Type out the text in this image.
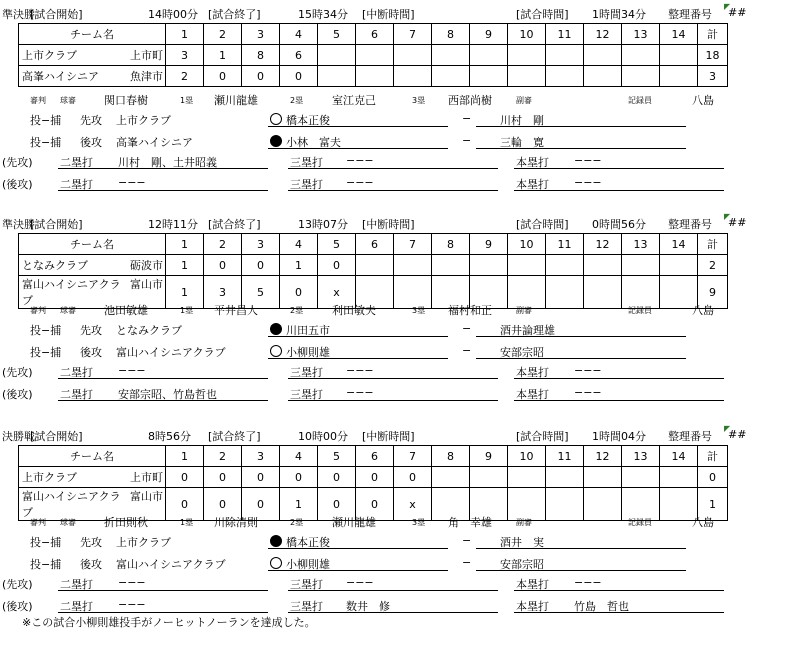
準決勝
[試合開始]	14時00分 [試合終了]	15時34分 [中断時間]	[試合時間] 1時間34分 整理番号
◤
##
チーム名	1	2	3	4	5	6	7	8	9	10	11	12	13	14	計

上市町
上市クラブ	3	1	8	6											18

魚津市
高峯ハイシニア	2	0	0	0											3
審判 球審	関口春樹	1塁 瀬川龍雄	2塁	室江克己	3塁 西部尚樹	副審	記録員	八島
投−捕 先攻 上市クラブ	橋本正俊	−	川村　剛
投−捕 後攻 高峯ハイシニア	小林　富夫	−	三輪　寛
(先攻) 二塁打 川村　剛、土井昭義	三塁打 −−−	本塁打 −−−
(後攻) 二塁打 −−−	三塁打 −−−	本塁打 −−−
準決勝
[試合開始]	12時11分 [試合終了]	13時07分 [中断時間]	[試合時間] 0時間56分 整理番号
◤
##
チーム名	1	2	3	4	5	6	7	8	9	10	11	12	13	14	計

砺波市
となみクラブ	1	0	0	1	0										2

富山市
富山ハイシニアクラブ	1	3	5	0	x										9
審判 球審	池田敏雄	1塁 平井昌人	2塁	利田敏夫	3塁 福村和正	副審	記録員	八島
投−捕 先攻 となみクラブ	川田五市	−	酒井論理雄
投−捕 後攻 富山ハイシニアクラブ	小柳則雄	−	安部宗昭
(先攻) 二塁打 −−−	三塁打 −−−	本塁打 −−−
(後攻) 二塁打 安部宗昭、竹島哲也	三塁打 −−−	本塁打 −−−
決勝戦
[試合開始]	8時56分 [試合終了]	10時00分 [中断時間]	[試合時間] 1時間04分 整理番号
◤
##
チーム名	1	2	3	4	5	6	7	8	9	10	11	12	13	14	計

上市町
上市クラブ	0	0	0	0	0	0	0								0

富山市
富山ハイシニアクラブ	0	0	0	1	0	0	x								1
審判 球審	折田則秋	1塁 川除清則	2塁	瀬川龍雄	3塁 角　幸雄	副審	記録員	八島
投−捕 先攻 上市クラブ	橋本正俊	−	酒井　実
投−捕 後攻 富山ハイシニアクラブ	小柳則雄	−	安部宗昭
(先攻) 二塁打 −−−	三塁打 −−−	本塁打 −−−
(後攻) 二塁打 −−−	三塁打 数井　修	本塁打 竹島　哲也
※この試合小柳則雄投手がノーヒットノーランを達成した。
